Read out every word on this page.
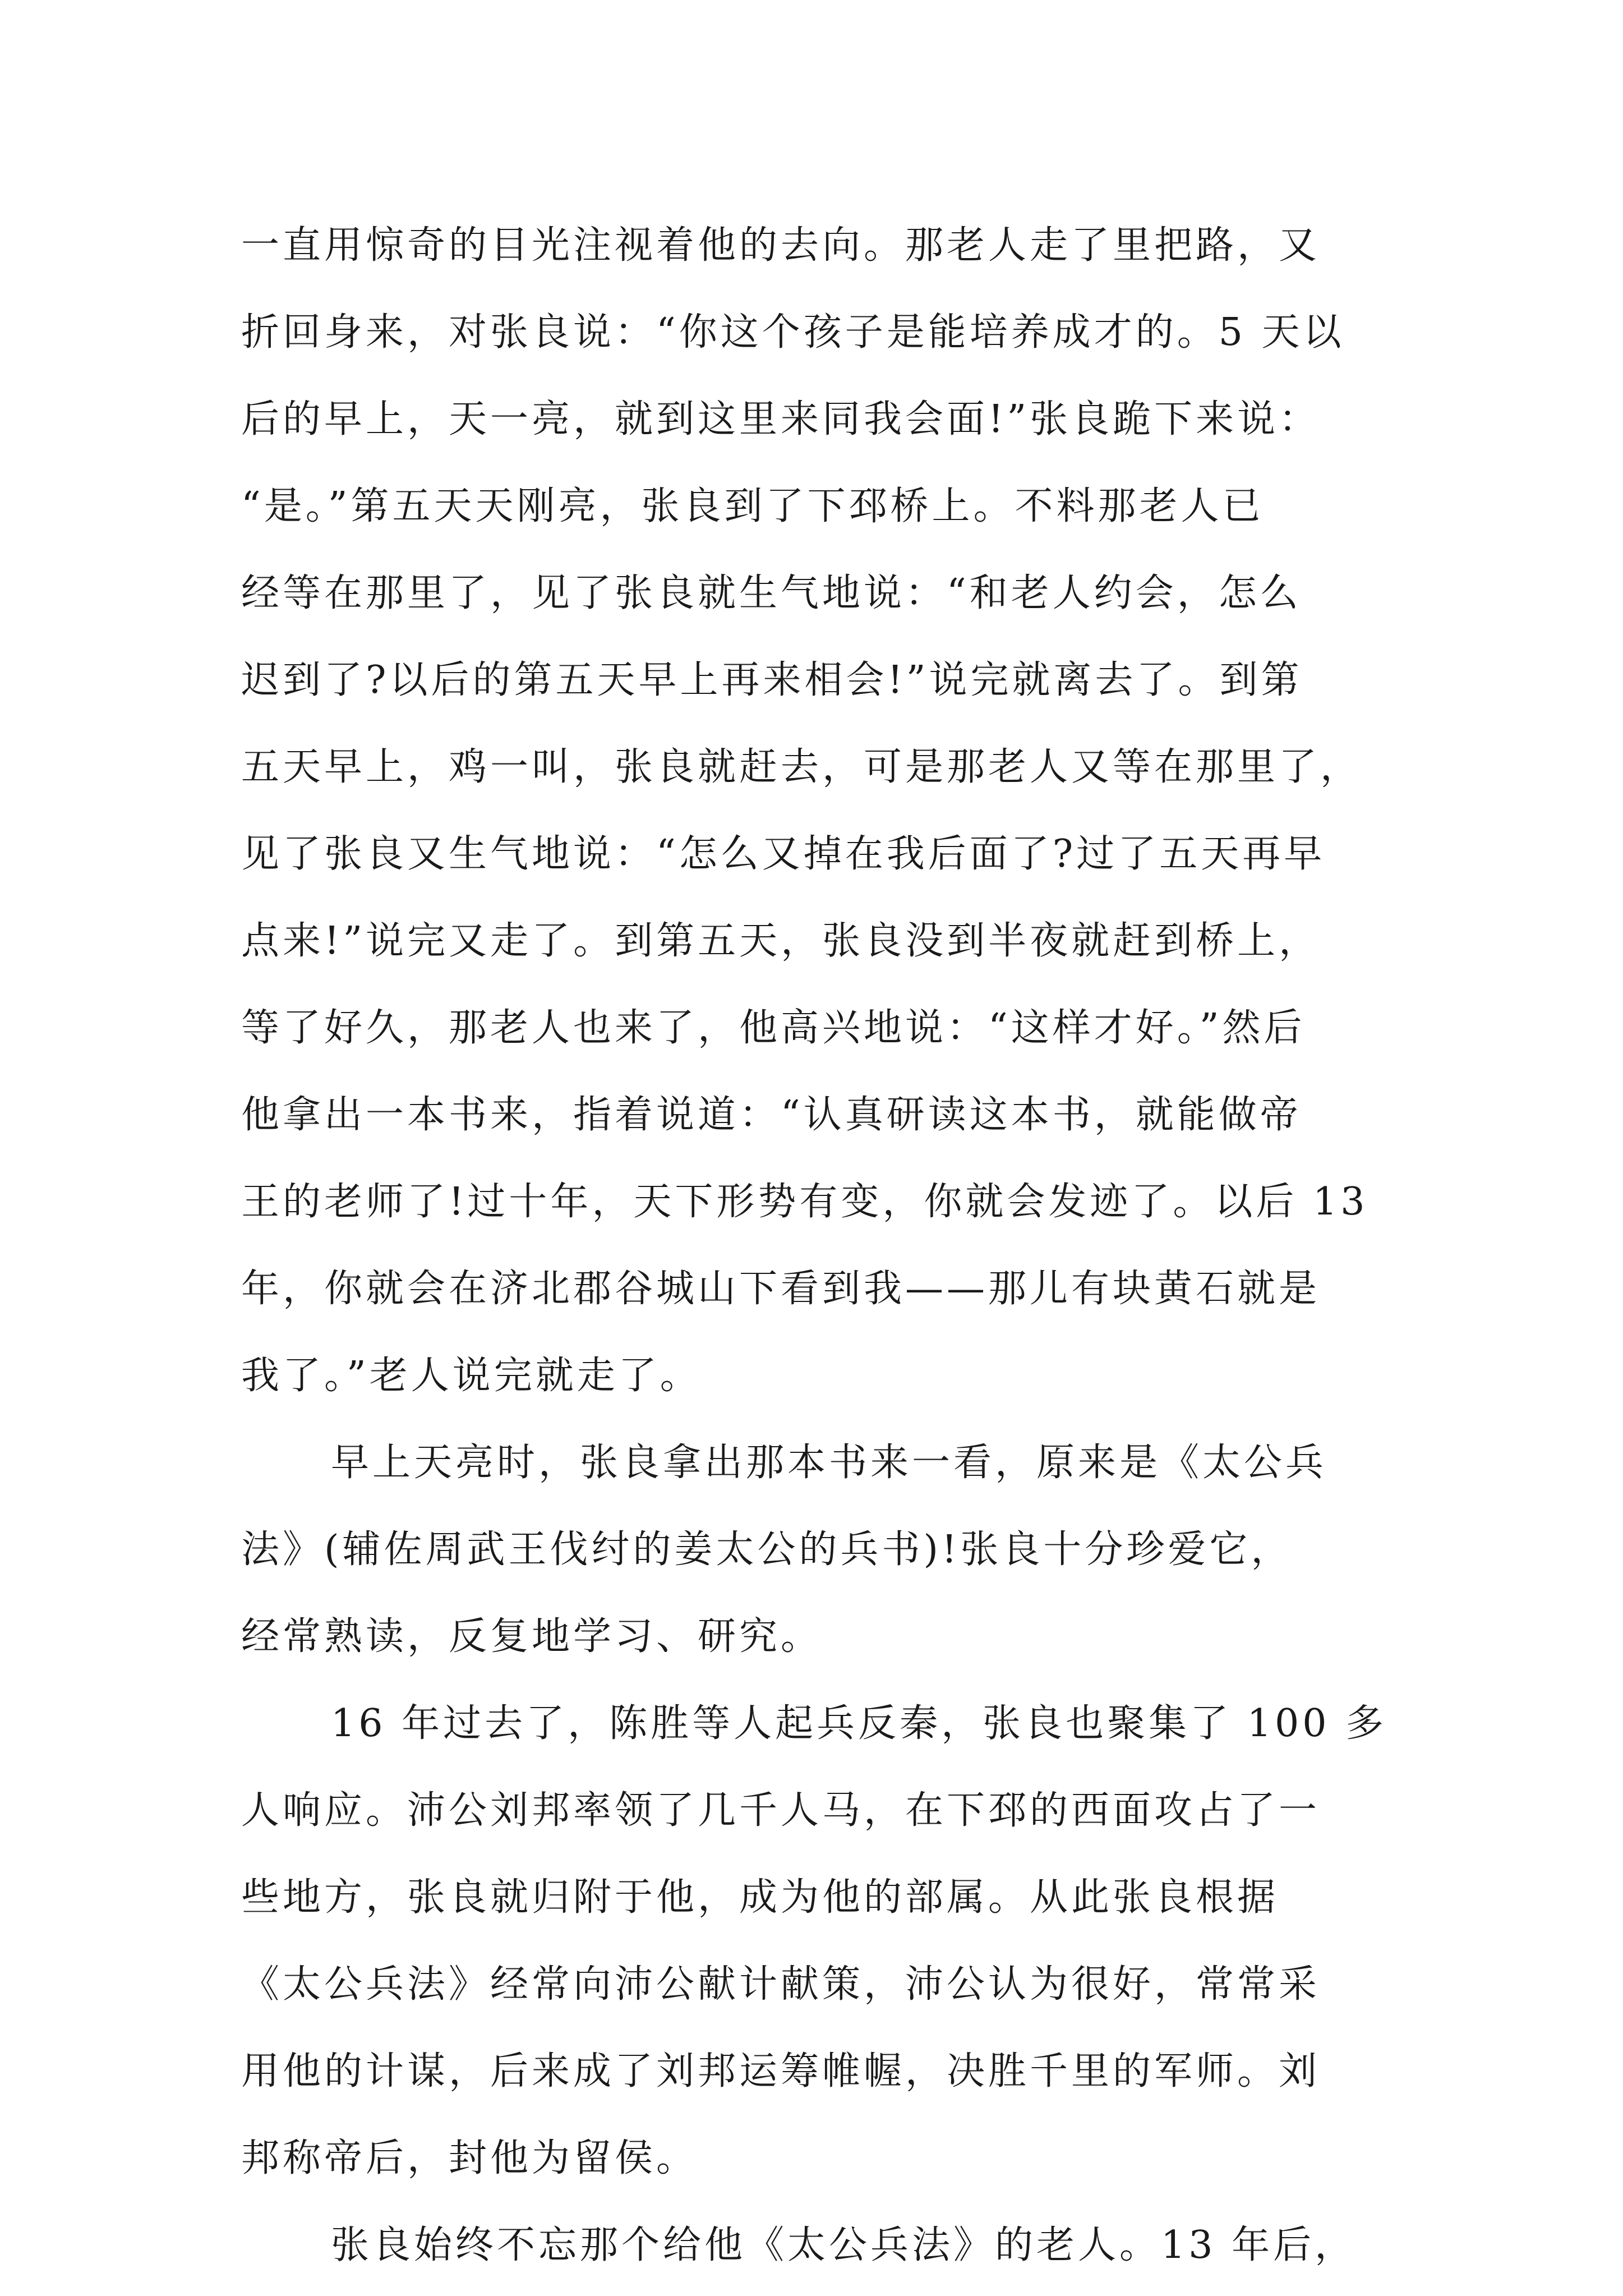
一直用惊奇的目光注视着他的去向。那老人走了里把路，又
折回身来，对张良说：“你这个孩子是能培养成才的。5 天以
后的早上，天一亮，就到这里来同我会面!”张良跪下来说：
“是。”第五天天刚亮，张良到了下邳桥上。不料那老人已
经等在那里了，见了张良就生气地说：“和老人约会，怎么
迟到了?以后的第五天早上再来相会!”说完就离去了。到第
五天早上，鸡一叫，张良就赶去，可是那老人又等在那里了，
见了张良又生气地说：“怎么又掉在我后面了?过了五天再早
点来!”说完又走了。到第五天，张良没到半夜就赶到桥上，
等了好久，那老人也来了，他高兴地说：“这样才好。”然后
他拿出一本书来，指着说道：“认真研读这本书，就能做帝
王的老师了!过十年，天下形势有变，你就会发迹了。以后 13
年，你就会在济北郡谷城山下看到我——那儿有块黄石就是
我了。”老人说完就走了。
早上天亮时，张良拿出那本书来一看，原来是《太公兵
法》(辅佐周武王伐纣的姜太公的兵书)!张良十分珍爱它，
经常熟读，反复地学习、研究。
16 年过去了，陈胜等人起兵反秦，张良也聚集了 100 多
人响应。沛公刘邦率领了几千人马，在下邳的西面攻占了一
些地方，张良就归附于他，成为他的部属。从此张良根据
《太公兵法》经常向沛公献计献策，沛公认为很好，常常采
用他的计谋，后来成了刘邦运筹帷幄，决胜千里的军师。刘
邦称帝后，封他为留侯。
张良始终不忘那个给他《太公兵法》的老人。13 年后，
